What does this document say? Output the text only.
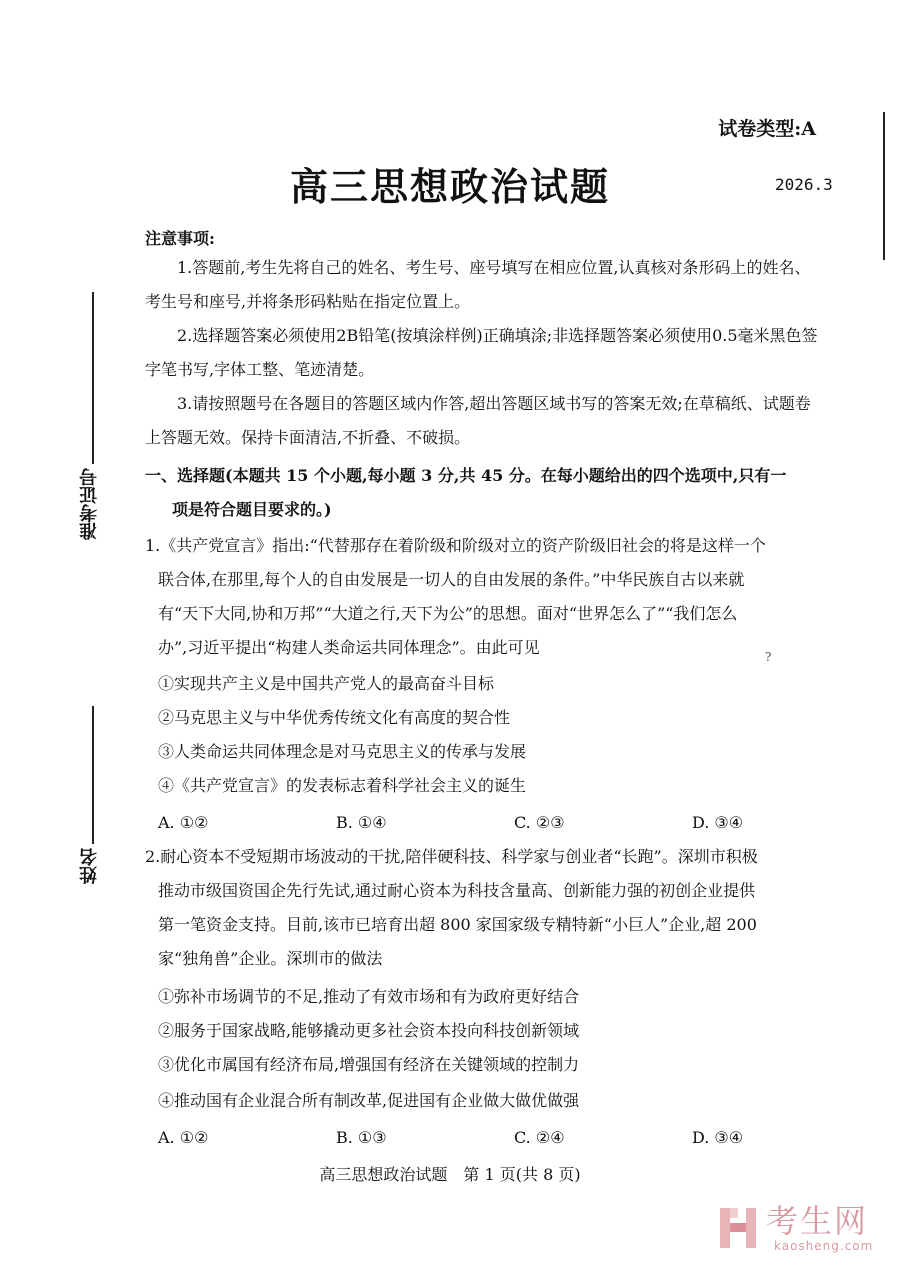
试卷类型:A
高三思想政治试题	2026.3
准考证号
姓名
注意事项:
1.答题前,考生先将自己的姓名、考生号、座号填写在相应位置,认真核对条形码上的姓名、考生号和座号,并将条形码粘贴在指定位置上。
2.选择题答案必须使用2B铅笔(按填涂样例)正确填涂;非选择题答案必须使用0.5毫米黑色签字笔书写,字体工整、笔迹清楚。
3.请按照题号在各题目的答题区域内作答,超出答题区域书写的答案无效;在草稿纸、试题卷上答题无效。保持卡面清洁,不折叠、不破损。
一、选择题(本题共 15 个小题,每小题 3 分,共 45 分。在每小题给出的四个选项中,只有一
项是符合题目要求的。)
1.《共产党宣言》指出:“代替那存在着阶级和阶级对立的资产阶级旧社会的将是这样一个
联合体,在那里,每个人的自由发展是一切人的自由发展的条件。”中华民族自古以来就
有“天下大同,协和万邦”“大道之行,天下为公”的思想。面对“世界怎么了”“我们怎么
办”,习近平提出“构建人类命运共同体理念”。由此可见	?
①实现共产主义是中国共产党人的最高奋斗目标
②马克思主义与中华优秀传统文化有高度的契合性
③人类命运共同体理念是对马克思主义的传承与发展
④《共产党宣言》的发表标志着科学社会主义的诞生
A. ①②	B. ①④	C. ②③	D. ③④
2.耐心资本不受短期市场波动的干扰,陪伴硬科技、科学家与创业者“长跑”。深圳市积极
推动市级国资国企先行先试,通过耐心资本为科技含量高、创新能力强的初创企业提供
第一笔资金支持。目前,该市已培育出超 800 家国家级专精特新“小巨人”企业,超 200
家“独角兽”企业。深圳市的做法
①弥补市场调节的不足,推动了有效市场和有为政府更好结合
②服务于国家战略,能够撬动更多社会资本投向科技创新领域
③优化市属国有经济布局,增强国有经济在关键领域的控制力
④推动国有企业混合所有制改革,促进国有企业做大做优做强
A. ①②	B. ①③	C. ②④	D. ③④
高三思想政治试题　第 1 页(共 8 页)
考生网
kaosheng.com
